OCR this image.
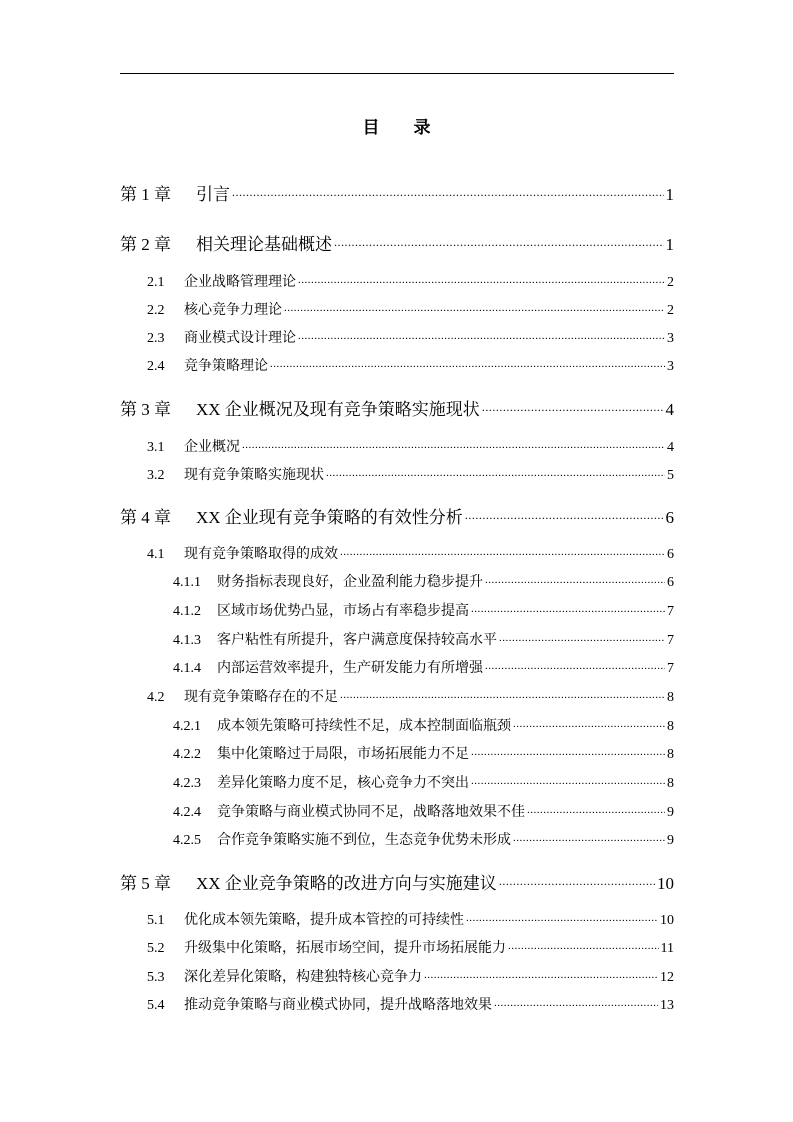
目 录
第 1 章	引言 .....	1
第 2 章	相关理论基础概述 .....	1
2.1	企业战略管理理论 .....	2
2.2	核心竞争力理论 .....	2
2.3	商业模式设计理论 .....	3
2.4	竞争策略理论 .....	3
第 3 章	XX 企业概况及现有竞争策略实施现状 .....	4
3.1	企业概况 .....	4
3.2	现有竞争策略实施现状 .....	5
第 4 章	XX 企业现有竞争策略的有效性分析 .....	6
4.1	现有竞争策略取得的成效 .....	6
4.1.1	财务指标表现良好，企业盈利能力稳步提升 .....	6
4.1.2	区域市场优势凸显，市场占有率稳步提高 .....	7
4.1.3	客户粘性有所提升，客户满意度保持较高水平 .....	7
4.1.4	内部运营效率提升，生产研发能力有所增强 .....	7
4.2	现有竞争策略存在的不足 .....	8
4.2.1	成本领先策略可持续性不足，成本控制面临瓶颈 .....	8
4.2.2	集中化策略过于局限，市场拓展能力不足 .....	8
4.2.3	差异化策略力度不足，核心竞争力不突出 .....	8
4.2.4	竞争策略与商业模式协同不足，战略落地效果不佳 .....	9
4.2.5	合作竞争策略实施不到位，生态竞争优势未形成 .....	9
第 5 章	XX 企业竞争策略的改进方向与实施建议 .....	10
5.1	优化成本领先策略，提升成本管控的可持续性 .....	10
5.2	升级集中化策略，拓展市场空间，提升市场拓展能力 .....	11
5.3	深化差异化策略，构建独特核心竞争力 .....	12
5.4	推动竞争策略与商业模式协同，提升战略落地效果 .....	13
